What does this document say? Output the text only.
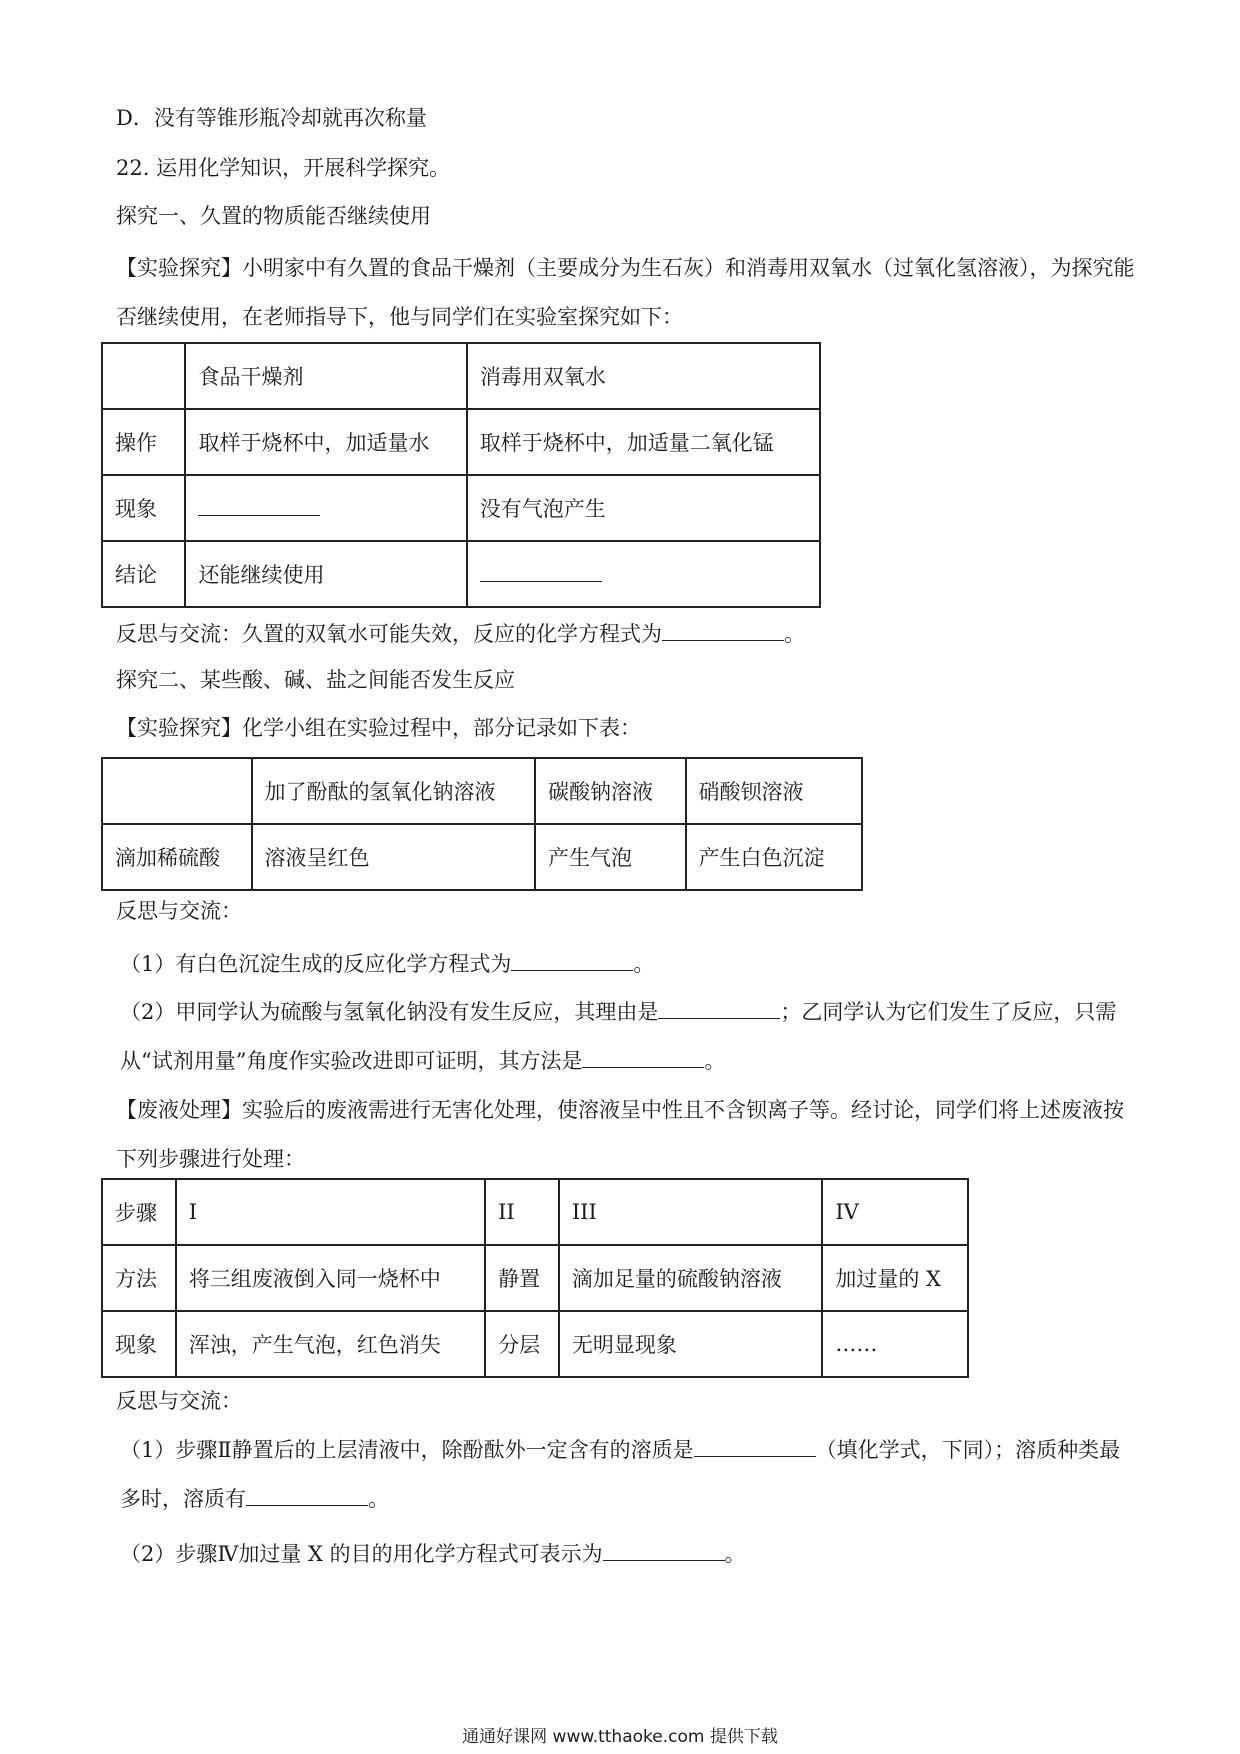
D．没有等锥形瓶冷却就再次称量
22. 运用化学知识，开展科学探究。
探究一、久置的物质能否继续使用
【实验探究】小明家中有久置的食品干燥剂（主要成分为生石灰）和消毒用双氧水（过氧化氢溶液），为探究能否继续使用，在老师指导下，他与同学们在实验室探究如下：
	食品干燥剂	消毒用双氧水
操作	取样于烧杯中，加适量水	取样于烧杯中，加适量二氧化锰
现象		没有气泡产生
结论	还能继续使用	
反思与交流：久置的双氧水可能失效，反应的化学方程式为	。
探究二、某些酸、碱、盐之间能否发生反应
【实验探究】化学小组在实验过程中，部分记录如下表：
	加了酚酞的氢氧化钠溶液	碳酸钠溶液	硝酸钡溶液
滴加稀硫酸	溶液呈红色	产生气泡	产生白色沉淀
反思与交流：
（1）有白色沉淀生成的反应化学方程式为	。
（2）甲同学认为硫酸与氢氧化钠没有发生反应，其理由是	；乙同学认为它们发生了反应，只需从“试剂用量”角度作实验改进即可证明，其方法是	。
【废液处理】实验后的废液需进行无害化处理，使溶液呈中性且不含钡离子等。经讨论，同学们将上述废液按下列步骤进行处理：
步骤	I	II	III	IV
方法	将三组废液倒入同一烧杯中	静置	滴加足量的硫酸钠溶液	加过量的 X
现象	浑浊，产生气泡，红色消失	分层	无明显现象	……
反思与交流：
（1）步骤Ⅱ静置后的上层清液中，除酚酞外一定含有的溶质是	（填化学式，下同）；溶质种类最多时，溶质有	。
（2）步骤Ⅳ加过量 X 的目的用化学方程式可表示为	。
通通好课网 www.tthaoke.com 提供下载
